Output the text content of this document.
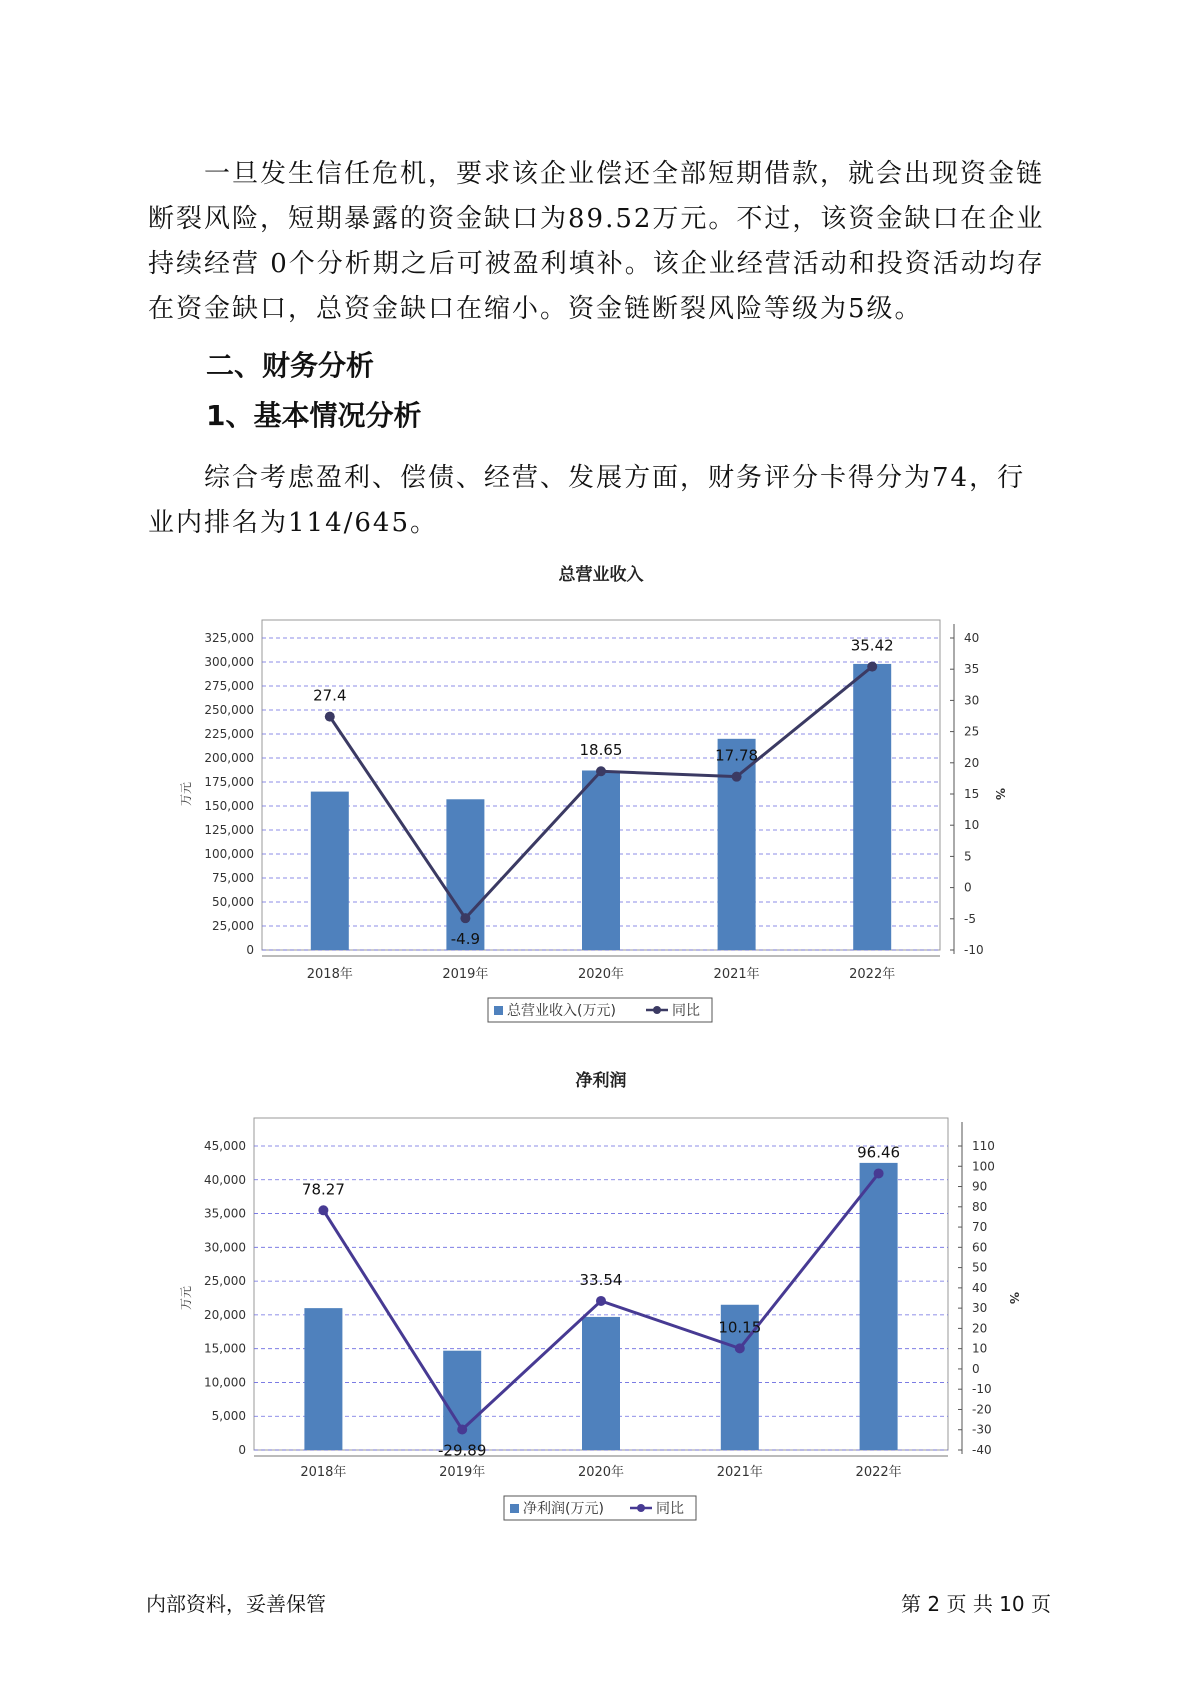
一旦发生信任危机，要求该企业偿还全部短期借款，就会出现资金链断裂风险，短期暴露的资金缺口为89.52万元。不过，该资金缺口在企业持续经营 0个分析期之后可被盈利填补。该企业经营活动和投资活动均存在资金缺口，总资金缺口在缩小。资金链断裂风险等级为5级。

二、财务分析
1、基本情况分析

综合考虑盈利、偿债、经营、发展方面，财务评分卡得分为74，行业内排名为114/645。

总营业收入
0
25,000
50,000
75,000
100,000
125,000
150,000
175,000
200,000
225,000
250,000
275,000
300,000
325,000
万元
-10
-5
0
5
10
15
20
25
30
35
40
%
2018年	2019年	2020年	2021年	2022年
27.4
-4.9
18.65	17.78
35.42
总营业收入(万元)	同比
净利润
0
5,000
10,000
15,000
20,000
25,000
30,000
35,000
40,000
45,000
万元
-40
-30
-20
-10
0
10
20
30
40
50
60
70
80
90
100
110
%
2018年	2019年	2020年	2021年	2022年
78.27
-29.89
33.54
10.15
96.46
净利润(万元)	同比
内部资料，妥善保管	第 2 页 共 10 页
